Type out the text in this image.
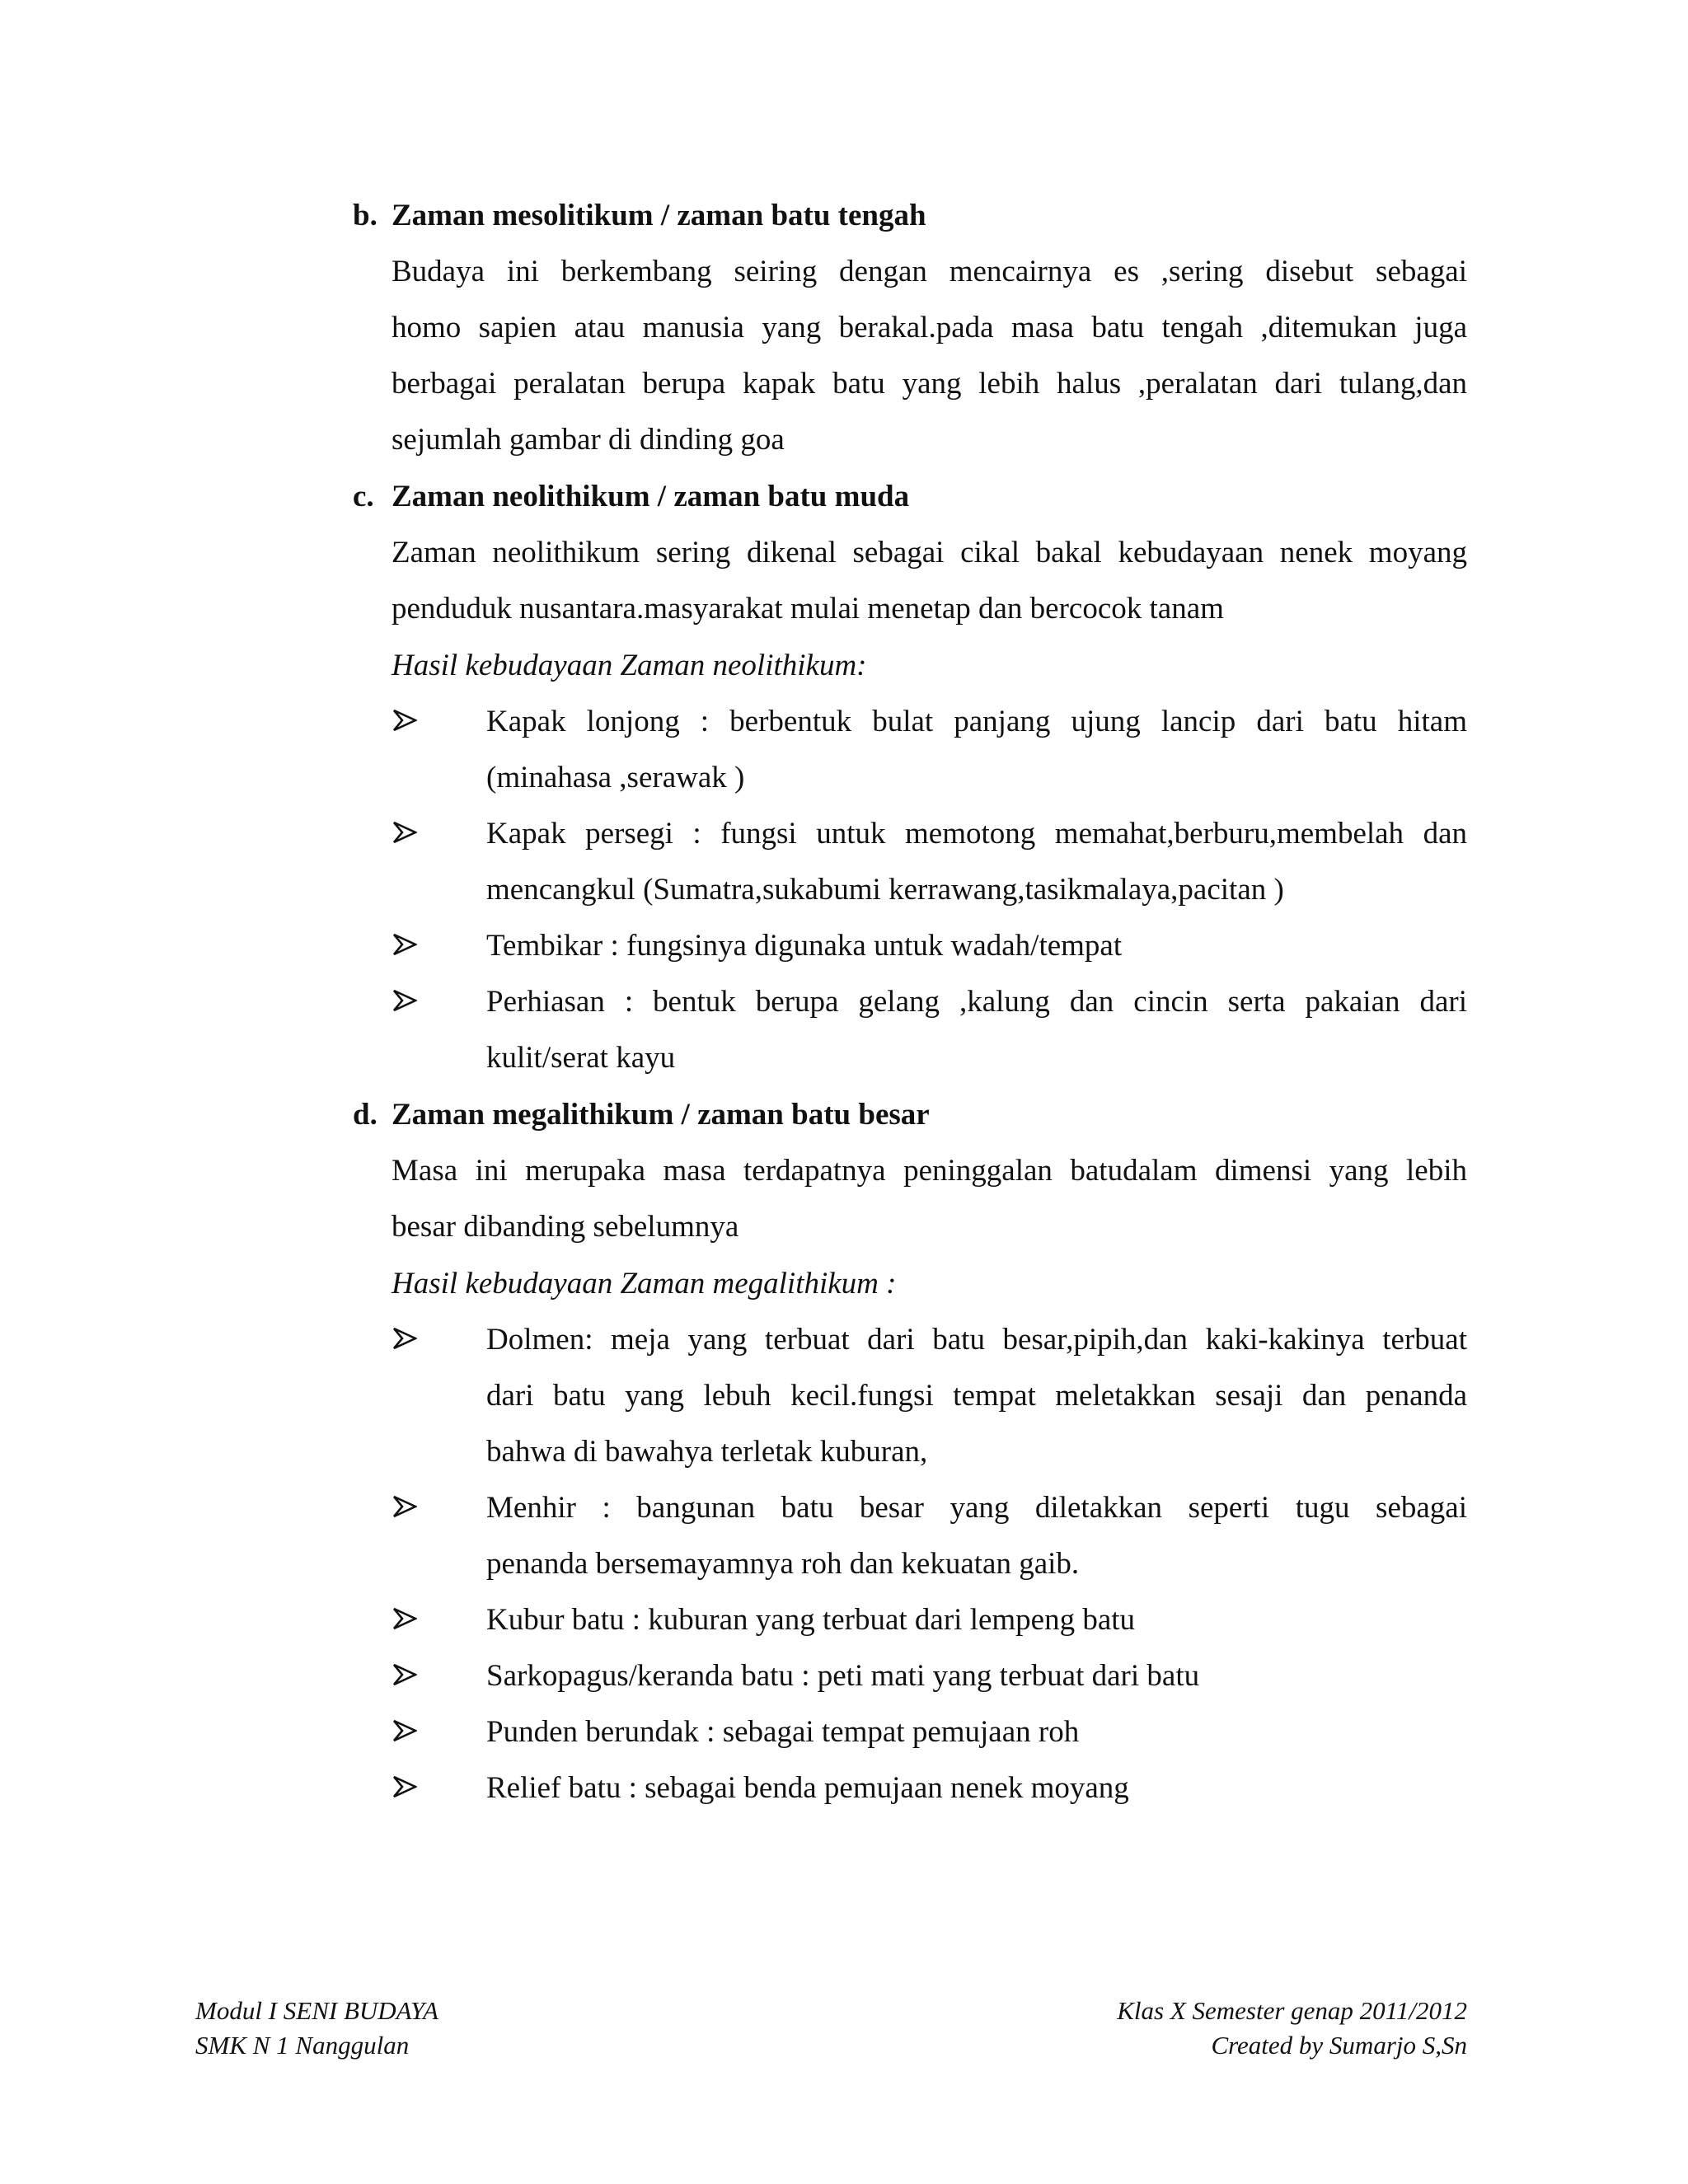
b. Zaman mesolitikum / zaman batu tengah
Budaya ini berkembang seiring dengan mencairnya es ,sering disebut sebagai
homo sapien atau manusia yang berakal.pada masa batu tengah ,ditemukan juga
berbagai peralatan berupa kapak batu yang lebih halus ,peralatan dari tulang,dan
sejumlah gambar di dinding goa
c. Zaman neolithikum / zaman batu muda
Zaman neolithikum sering dikenal sebagai cikal bakal kebudayaan nenek moyang
penduduk nusantara.masyarakat mulai menetap dan bercocok tanam
Hasil kebudayaan Zaman neolithikum:
Kapak lonjong : berbentuk bulat panjang ujung lancip dari batu hitam
(minahasa ,serawak )
Kapak persegi : fungsi untuk memotong memahat,berburu,membelah dan
mencangkul (Sumatra,sukabumi kerrawang,tasikmalaya,pacitan )
Tembikar : fungsinya digunaka untuk wadah/tempat
Perhiasan : bentuk berupa gelang ,kalung dan cincin serta pakaian dari
kulit/serat kayu
d. Zaman megalithikum / zaman batu besar
Masa ini merupaka masa terdapatnya peninggalan batudalam dimensi yang lebih
besar dibanding sebelumnya
Hasil kebudayaan Zaman megalithikum :
Dolmen: meja yang terbuat dari batu besar,pipih,dan kaki-kakinya terbuat
dari batu yang lebuh kecil.fungsi tempat meletakkan sesaji dan penanda
bahwa di bawahya terletak kuburan,
Menhir : bangunan batu besar yang diletakkan seperti tugu sebagai
penanda bersemayamnya roh dan kekuatan gaib.
Kubur batu : kuburan yang terbuat dari lempeng batu
Sarkopagus/keranda batu : peti mati yang terbuat dari batu
Punden berundak : sebagai tempat pemujaan roh
Relief batu : sebagai benda pemujaan nenek moyang
Modul I SENI BUDAYA
SMK N 1 Nanggulan
Klas X Semester genap 2011/2012
Created by Sumarjo S,Sn
